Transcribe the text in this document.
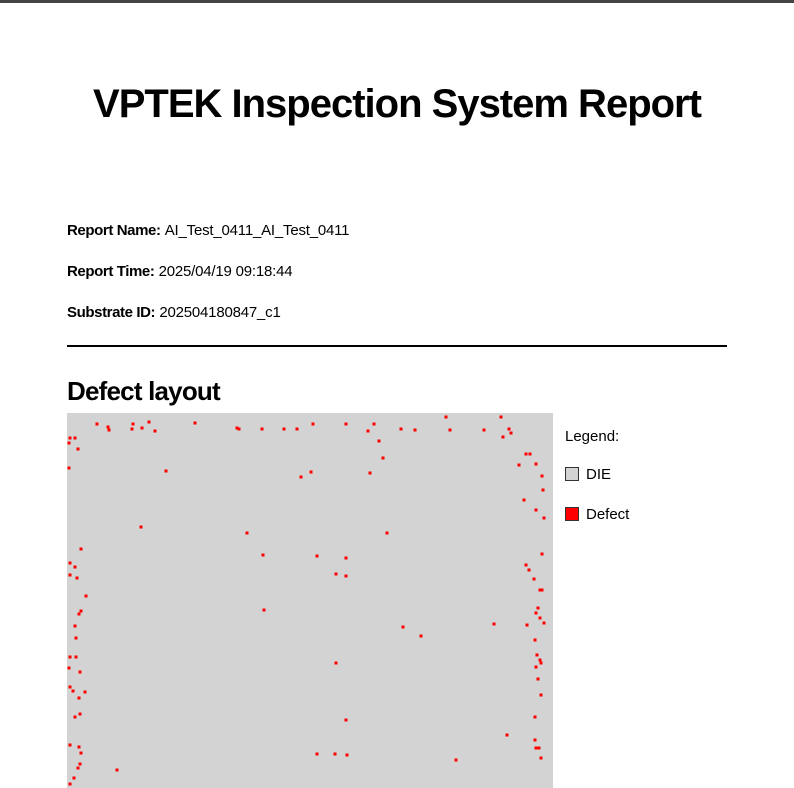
VPTEK Inspection System Report
Report Name: AI_Test_0411_AI_Test_0411
Report Time: 2025/04/19 09:18:44
Substrate ID: 202504180847_c1
Defect layout
Legend:
DIE
Defect
